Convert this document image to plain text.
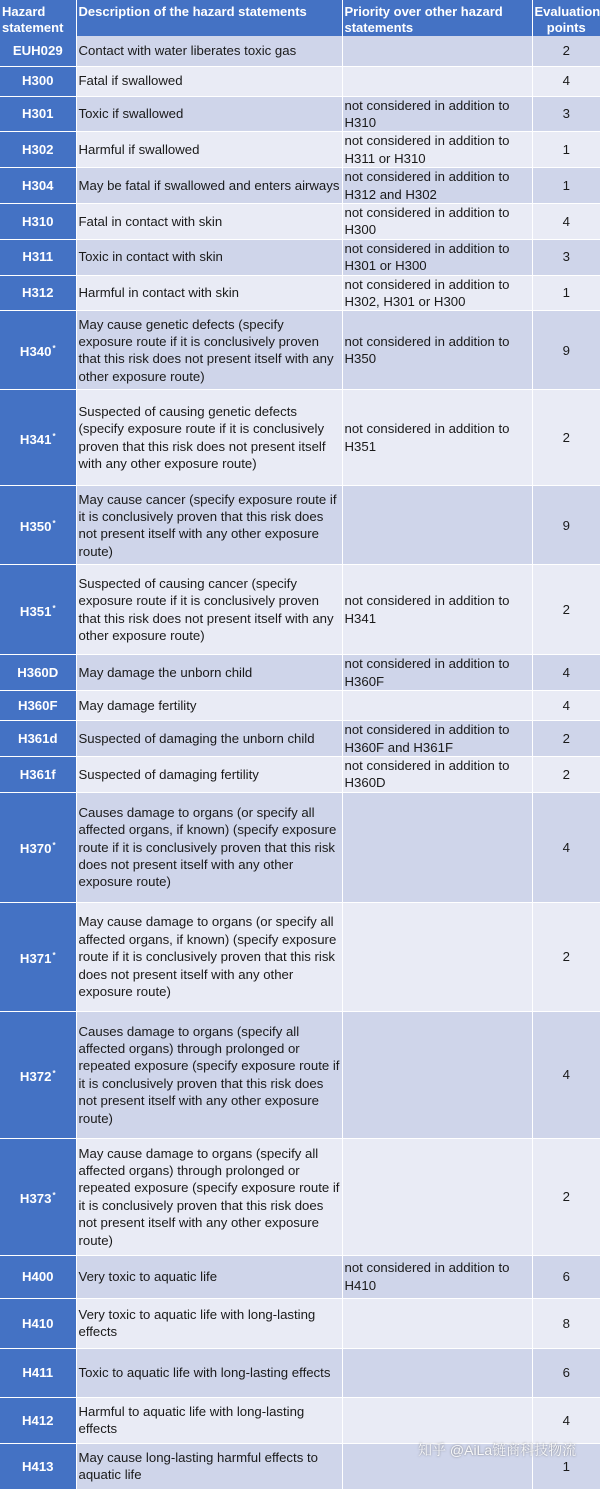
Hazard statement	Description of the hazard statements	Priority over other hazard statements	Evaluation points
EUH029	Contact with water liberates toxic gas		2
H300	Fatal if swallowed		4
H301	Toxic if swallowed	not considered in addition to H310	3
H302	Harmful if swallowed	not considered in addition to H311 or H310	1
H304	May be fatal if swallowed and enters airways	not considered in addition to H312 and H302	1
H310	Fatal in contact with skin	not considered in addition to H300	4
H311	Toxic in contact with skin	not considered in addition to H301 or H300	3
H312	Harmful in contact with skin	not considered in addition to H302, H301 or H300	1
H340*	May cause genetic defects (specify exposure route if it is conclusively proven that this risk does not present itself with any other exposure route)	not considered in addition to H350	9
H341*	Suspected of causing genetic defects (specify exposure route if it is conclusively proven that this risk does not present itself with any other exposure route)	not considered in addition to H351	2
H350*	May cause cancer (specify exposure route if it is conclusively proven that this risk does not present itself with any other exposure route)		9
H351*	Suspected of causing cancer (specify exposure route if it is conclusively proven that this risk does not present itself with any other exposure route)	not considered in addition to H341	2
H360D	May damage the unborn child	not considered in addition to H360F	4
H360F	May damage fertility		4
H361d	Suspected of damaging the unborn child	not considered in addition to H360F and H361F	2
H361f	Suspected of damaging fertility	not considered in addition to H360D	2
H370*	Causes damage to organs (or specify all affected organs, if known) (specify exposure route if it is conclusively proven that this risk does not present itself with any other exposure route)		4
H371*	May cause damage to organs (or specify all affected organs, if known) (specify exposure route if it is conclusively proven that this risk does not present itself with any other exposure route)		2
H372*	Causes damage to organs (specify all affected organs) through prolonged or repeated exposure (specify exposure route if it is conclusively proven that this risk does not present itself with any other exposure route)		4
H373*	May cause damage to organs (specify all affected organs) through prolonged or repeated exposure (specify exposure route if it is conclusively proven that this risk does not present itself with any other exposure route)		2
H400	Very toxic to aquatic life	not considered in addition to H410	6
H410	Very toxic to aquatic life with long-lasting effects		8
H411	Toxic to aquatic life with long-lasting effects		6
H412	Harmful to aquatic life with long-lasting effects		4
H413	May cause long-lasting harmful effects to aquatic life		1
知乎 @AiLa链商科技物流
